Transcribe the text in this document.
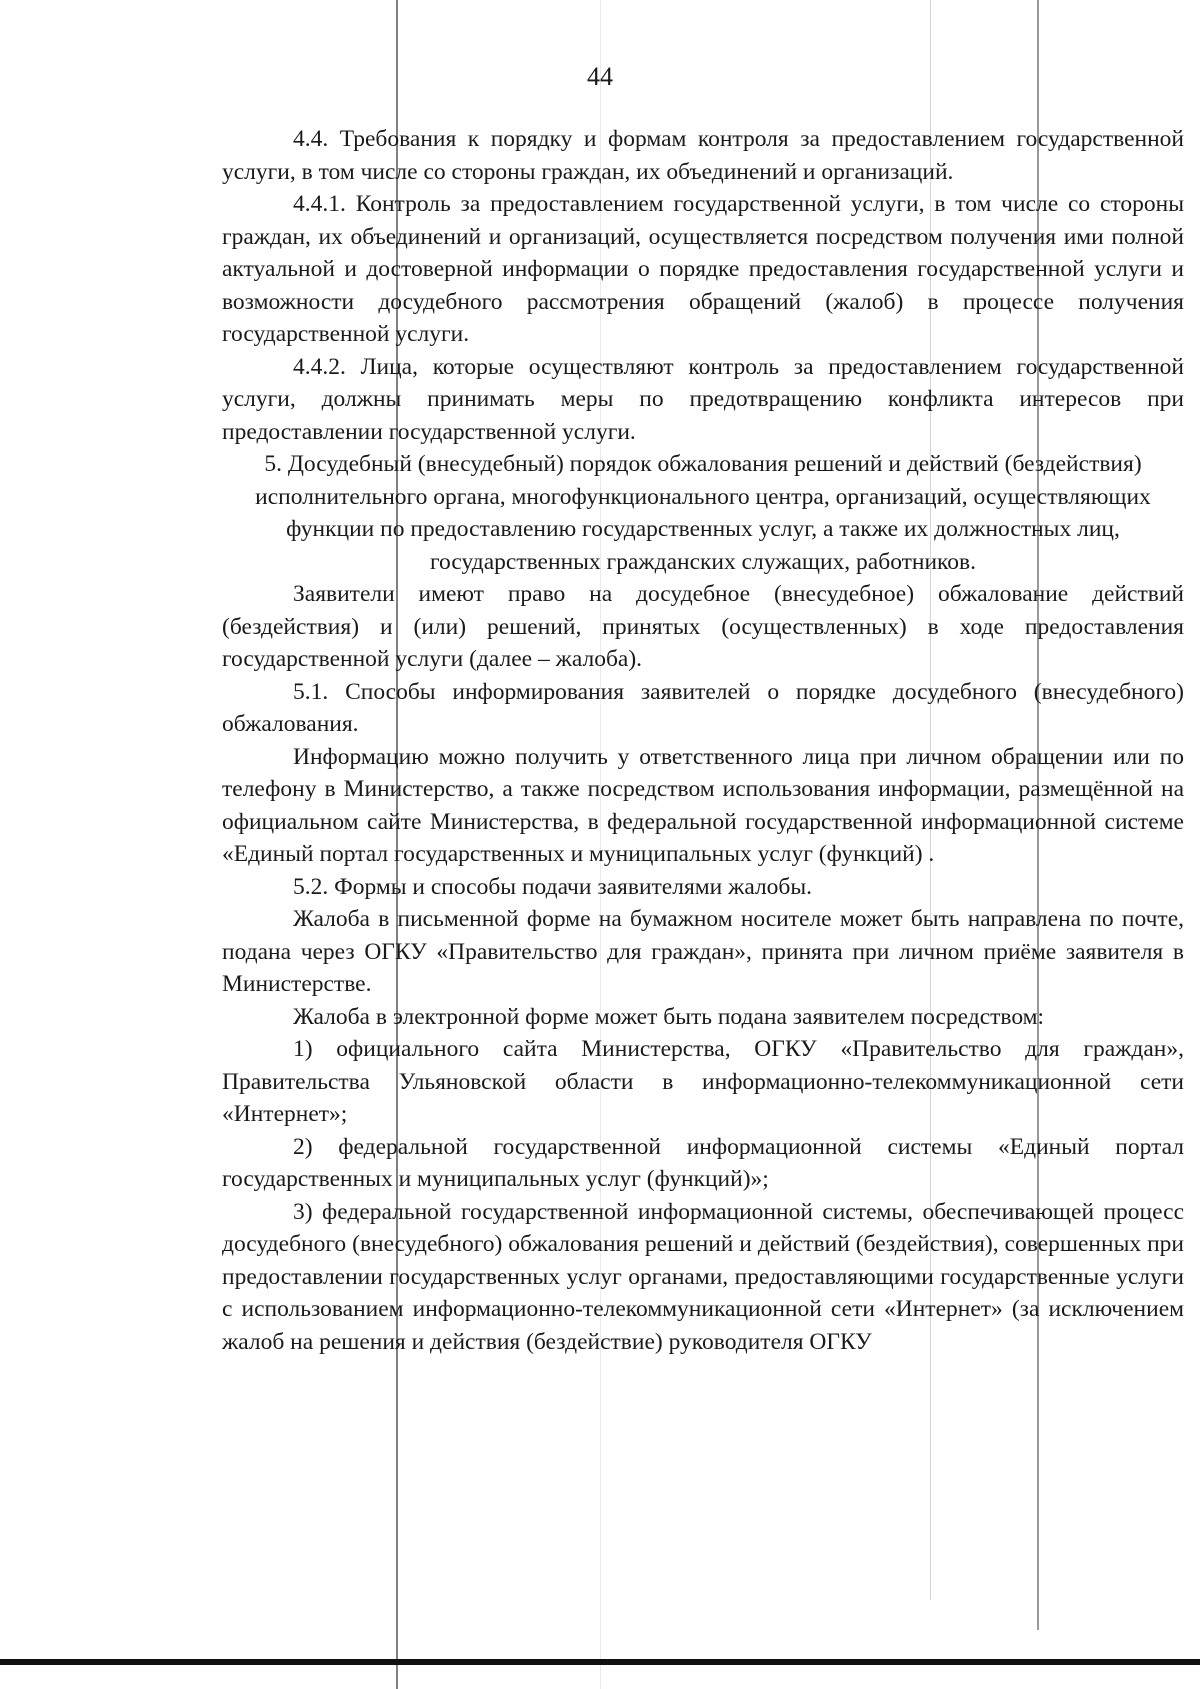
44

4.4. Требования к порядку и формам контроля за предоставлением государственной услуги, в том числе со стороны граждан, их объединений и организаций.

4.4.1. Контроль за предоставлением государственной услуги, в том числе со стороны граждан, их объединений и организаций, осуществляется посредством получения ими полной актуальной и достоверной информации о порядке предоставления государственной услуги и возможности досудебного рассмотрения обращений (жалоб) в процессе получения государственной услуги.

4.4.2. Лица, которые осуществляют контроль за предоставлением государственной услуги, должны принимать меры по предотвращению конфликта интересов при предоставлении государственной услуги.

5. Досудебный (внесудебный) порядок обжалования решений и действий (бездействия) исполнительного органа, многофункционального центра, организаций, осуществляющих функции по предоставлению государственных услуг, а также их должностных лиц, государственных гражданских служащих, работников.

Заявители имеют право на досудебное (внесудебное) обжалование действий (бездействия) и (или) решений, принятых (осуществленных) в ходе предоставления государственной услуги (далее – жалоба).

5.1. Способы информирования заявителей о порядке досудебного (внесудебного) обжалования.

Информацию можно получить у ответственного лица при личном обращении или по телефону в Министерство, а также посредством использования информации, размещённой на официальном сайте Министерства, в федеральной государственной информационной системе «Единый портал государственных и муниципальных услуг (функций) .

5.2. Формы и способы подачи заявителями жалобы.

Жалоба в письменной форме на бумажном носителе может быть направлена по почте, подана через ОГКУ «Правительство для граждан», принята при личном приёме заявителя в Министерстве.

Жалоба в электронной форме может быть подана заявителем посредством:

1) официального сайта Министерства, ОГКУ «Правительство для граждан», Правительства Ульяновской области в информационно-телекоммуникационной сети «Интернет»;

2) федеральной государственной информационной системы «Единый портал государственных и муниципальных услуг (функций)»;

3) федеральной государственной информационной системы, обеспечивающей процесс досудебного (внесудебного) обжалования решений и действий (бездействия), совершенных при предоставлении государственных услуг органами, предоставляющими государственные услуги с использованием информационно-телекоммуникационной сети «Интернет» (за исключением жалоб на решения и действия (бездействие) руководителя ОГКУ
